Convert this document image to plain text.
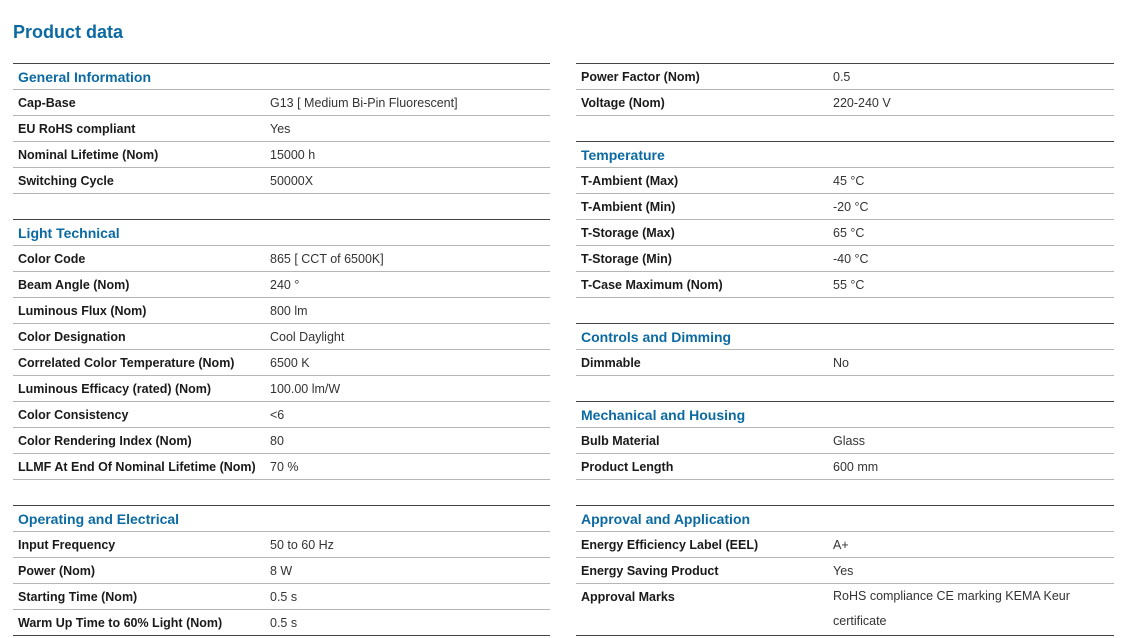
Product data
General Information
Cap-Base	G13 [ Medium Bi-Pin Fluorescent]
EU RoHS compliant	Yes
Nominal Lifetime (Nom)	15000 h
Switching Cycle	50000X
Light Technical
Color Code	865 [ CCT of 6500K]
Beam Angle (Nom)	240 °
Luminous Flux (Nom)	800 lm
Color Designation	Cool Daylight
Correlated Color Temperature (Nom)	6500 K
Luminous Efficacy (rated) (Nom)	100.00 lm/W
Color Consistency	<6
Color Rendering Index (Nom)	80
LLMF At End Of Nominal Lifetime (Nom)	70 %
Operating and Electrical
Input Frequency	50 to 60 Hz
Power (Nom)	8 W
Starting Time (Nom)	0.5 s
Warm Up Time to 60% Light (Nom)	0.5 s
Power Factor (Nom)	0.5
Voltage (Nom)	220-240 V
Temperature
T-Ambient (Max)	45 °C
T-Ambient (Min)	-20 °C
T-Storage (Max)	65 °C
T-Storage (Min)	-40 °C
T-Case Maximum (Nom)	55 °C
Controls and Dimming
Dimmable	No
Mechanical and Housing
Bulb Material	Glass
Product Length	600 mm
Approval and Application
Energy Efficiency Label (EEL)	A+
Energy Saving Product	Yes
Approval Marks	RoHS compliance CE marking KEMA Keur certificate
